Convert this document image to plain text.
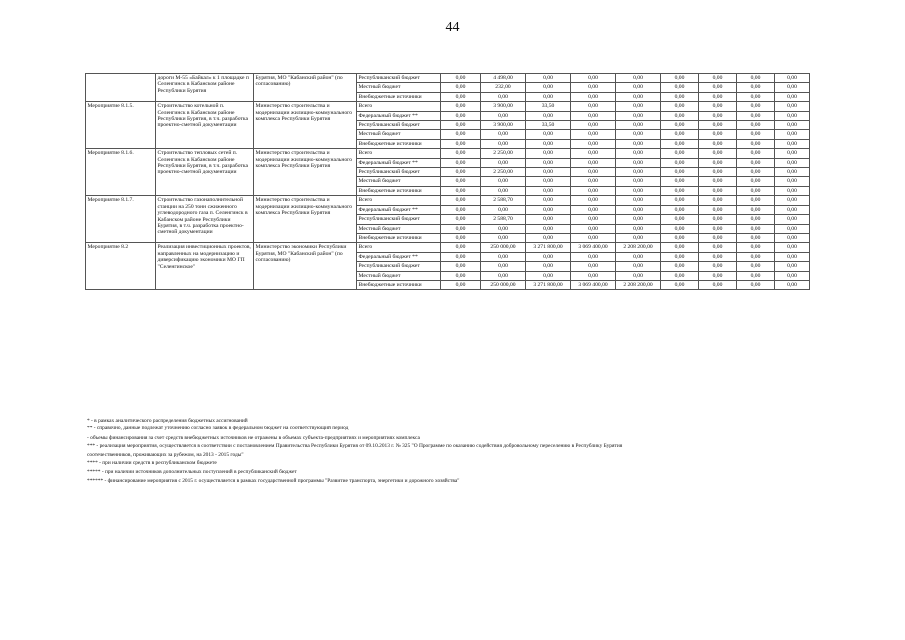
44
	дороги М-55 «Байкал» к 1 площадке п Селенгинск в Кабанском районе Республики Бурятия	Бурятия, МО "Кабанский район" (по согласованию)	Республиканский бюджет	0,00	4 498,00	0,00	0,00	0,00	0,00	0,00	0,00	0,00
			Местный бюджет	0,00	232,00	0,00	0,00	0,00	0,00	0,00	0,00	0,00
			Внебюджетные источники	0,00	0,00	0,00	0,00	0,00	0,00	0,00	0,00	0,00
Мероприятие 8.1.5.	Строительство котельной п. Селенгинск в Кабанском районе Республики Бурятия, в т.ч. разработка проектно-сметной документации	Министерство строительства и модернизации жилищно-коммунального комплекса Республики Бурятия	Всего	0,00	3 900,00	33,50	0,00	0,00	0,00	0,00	0,00	0,00
			Федеральный бюджет **	0,00	0,00	0,00	0,00	0,00	0,00	0,00	0,00	0,00
			Республиканский бюджет	0,00	3 900,00	33,50	0,00	0,00	0,00	0,00	0,00	0,00
			Местный бюджет	0,00	0,00	0,00	0,00	0,00	0,00	0,00	0,00	0,00
			Внебюджетные источники	0,00	0,00	0,00	0,00	0,00	0,00	0,00	0,00	0,00
Мероприятие 8.1.6.	Строительство тепловых сетей п. Селенгинск в Кабанском районе Республики Бурятия, в т.ч. разработка проектно-сметной документации	Министерство строительства и модернизации жилищно-коммунального комплекса Республики Бурятия	Всего	0,00	2 250,00	0,00	0,00	0,00	0,00	0,00	0,00	0,00
			Федеральный бюджет **	0,00	0,00	0,00	0,00	0,00	0,00	0,00	0,00	0,00
			Республиканский бюджет	0,00	2 250,00	0,00	0,00	0,00	0,00	0,00	0,00	0,00
			Местный бюджет	0,00	0,00	0,00	0,00	0,00	0,00	0,00	0,00	0,00
			Внебюджетные источники	0,00	0,00	0,00	0,00	0,00	0,00	0,00	0,00	0,00
Мероприятие 8.1.7.	Строительство газонаполнительной станции на 250 тонн сжиженного углеводородного газа п. Селенгинск в Кабанском районе Республики Бурятия, в т.ч. разработка проектно-сметной документации	Министерство строительства и модернизации жилищно-коммунального комплекса Республики Бурятия	Всего	0,00	2 588,70	0,00	0,00	0,00	0,00	0,00	0,00	0,00
			Федеральный бюджет **	0,00	0,00	0,00	0,00	0,00	0,00	0,00	0,00	0,00
			Республиканский бюджет	0,00	2 588,70	0,00	0,00	0,00	0,00	0,00	0,00	0,00
			Местный бюджет	0,00	0,00	0,00	0,00	0,00	0,00	0,00	0,00	0,00
			Внебюджетные источники	0,00	0,00	0,00	0,00	0,00	0,00	0,00	0,00	0,00
Мероприятие 8.2	Реализация инвестиционных проектов, направленных на модернизацию и диверсификацию экономики МО ГП "Селенгинское"	Министерство экономики Республики Бурятия, МО "Кабанский район" (по согласованию)	Всего	0,00	250 000,00	3 271 800,00	3 069 400,00	2 208 200,00	0,00	0,00	0,00	0,00
			Федеральный бюджет **	0,00	0,00	0,00	0,00	0,00	0,00	0,00	0,00	0,00
			Республиканский бюджет	0,00	0,00	0,00	0,00	0,00	0,00	0,00	0,00	0,00
			Местный бюджет	0,00	0,00	0,00	0,00	0,00	0,00	0,00	0,00	0,00
			Внебюджетные источники	0,00	250 000,00	3 271 800,00	3 069 400,00	2 208 200,00	0,00	0,00	0,00	0,00
* - в рамках аналитического распределения бюджетных ассигнований
** - справочно, данные подлежат уточнению согласно заявок в федеральном бюджет на соответствующий период
- объемы финансирования за счет средств внебюджетных источников не отражены в объемах субъекта-предприятиях и мероприятиях комплекса
*** - реализация мероприятия, осуществляется в соответствии с постановлением Правительства Республики Бурятия от 09.10.2013 г. № 325 "О Программе по оказанию содействия добровольному переселению в Республику Бурятия
соотечественников, проживающих за рубежом, на 2013 - 2015 годы"
**** - при наличии средств в республиканском бюджете
***** - при наличии источников дополнительных поступлений в республиканский бюджет
****** - финансирование мероприятия с 2015 г. осуществляется в рамках государственной программы "Развитие транспорта, энергетики и дорожного хозяйства"
